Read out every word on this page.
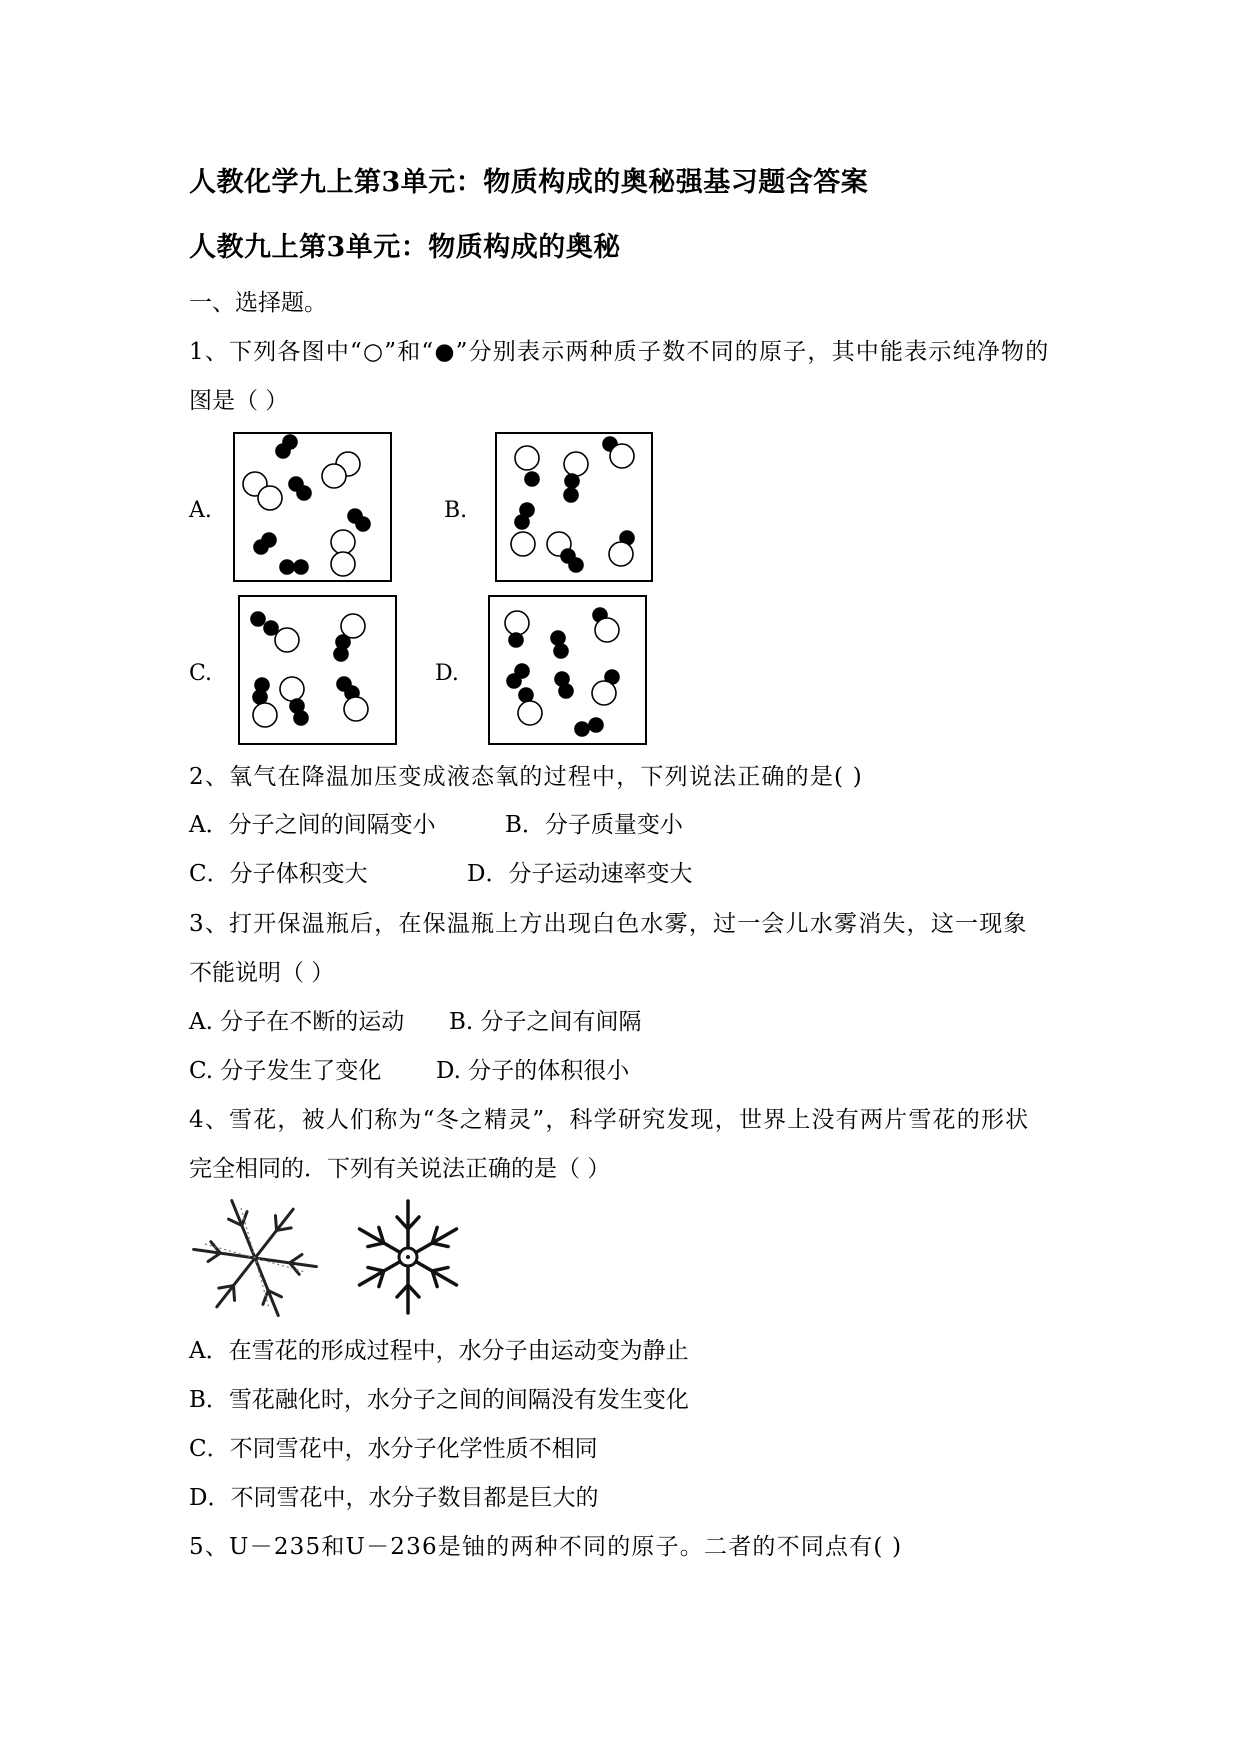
人教化学九上第3单元：物质构成的奥秘强基习题含答案
人教九上第3单元：物质构成的奥秘
一、选择题。
1、下列各图中“○”和“●”分别表示两种质子数不同的原子，其中能表示纯净物的
图是（ ）
A.	B.
C.	D.
2、氧气在降温加压变成液态氧的过程中，下列说法正确的是( )
A．分子之间的间隔变小	B．分子质量变小
C．分子体积变大	D．分子运动速率变大
3、打开保温瓶后，在保温瓶上方出现白色水雾，过一会儿水雾消失，这一现象
不能说明（ ）
A. 分子在不断的运动 B. 分子之间有间隔
C. 分子发生了变化 D. 分子的体积很小
4、雪花，被人们称为“冬之精灵”，科学研究发现，世界上没有两片雪花的形状
完全相同的．下列有关说法正确的是（ ）
A．在雪花的形成过程中，水分子由运动变为静止
B．雪花融化时，水分子之间的间隔没有发生变化
C．不同雪花中，水分子化学性质不相同
D．不同雪花中，水分子数目都是巨大的
5、U－235和U－236是铀的两种不同的原子。二者的不同点有( )
